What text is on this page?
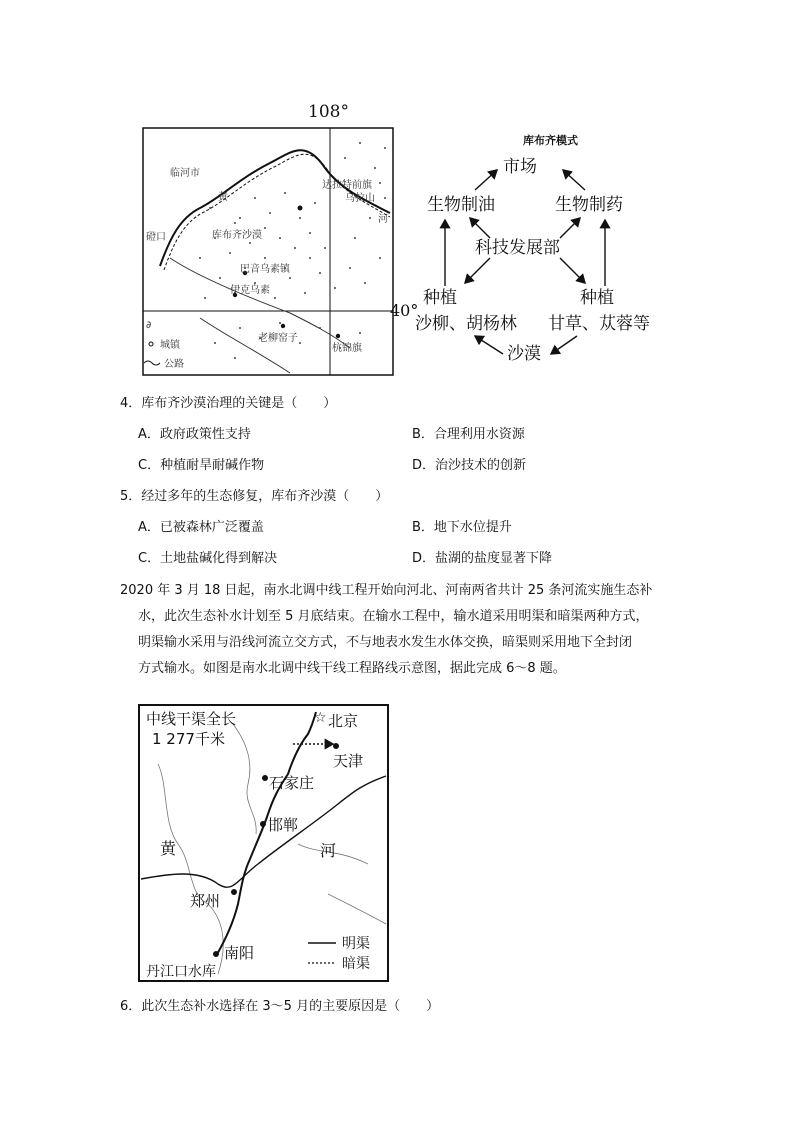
临河市
达拉特前旗
乌拉山
河
黄
磴口	库布齐沙漠
巴音乌素镇
伊克乌素
老柳窑子
杭锦旗
∂
城镇
公路
108°
40°
库布齐模式
市场
生物制油	生物制药
科技发展部
种植	种植
沙柳、胡杨林 甘草、苁蓉等
沙漠
4．库布齐沙漠治理的关键是（　　）
A．政府政策性支持	B．合理利用水资源
C．种植耐旱耐碱作物	D．治沙技术的创新
5．经过多年的生态修复，库布齐沙漠（　　）
A．已被森林广泛覆盖	B．地下水位提升
C．土地盐碱化得到解决	D．盐湖的盐度显著下降
2020 年 3 月 18 日起，南水北调中线工程开始向河北、河南两省共计 25 条河流实施生态补
水，此次生态补水计划至 5 月底结束。在输水工程中，输水道采用明渠和暗渠两种方式，
明渠输水采用与沿线河流立交方式，不与地表水发生水体交换，暗渠则采用地下全封闭
方式输水。如图是南水北调中线干线工程路线示意图，据此完成 6～8 题。
☆
中线干渠全长
1 277千米
北京
天津
石家庄
邯郸
黄	河
郑州
南阳
丹江口水库
明渠
暗渠
6．此次生态补水选择在 3～5 月的主要原因是（　　）
